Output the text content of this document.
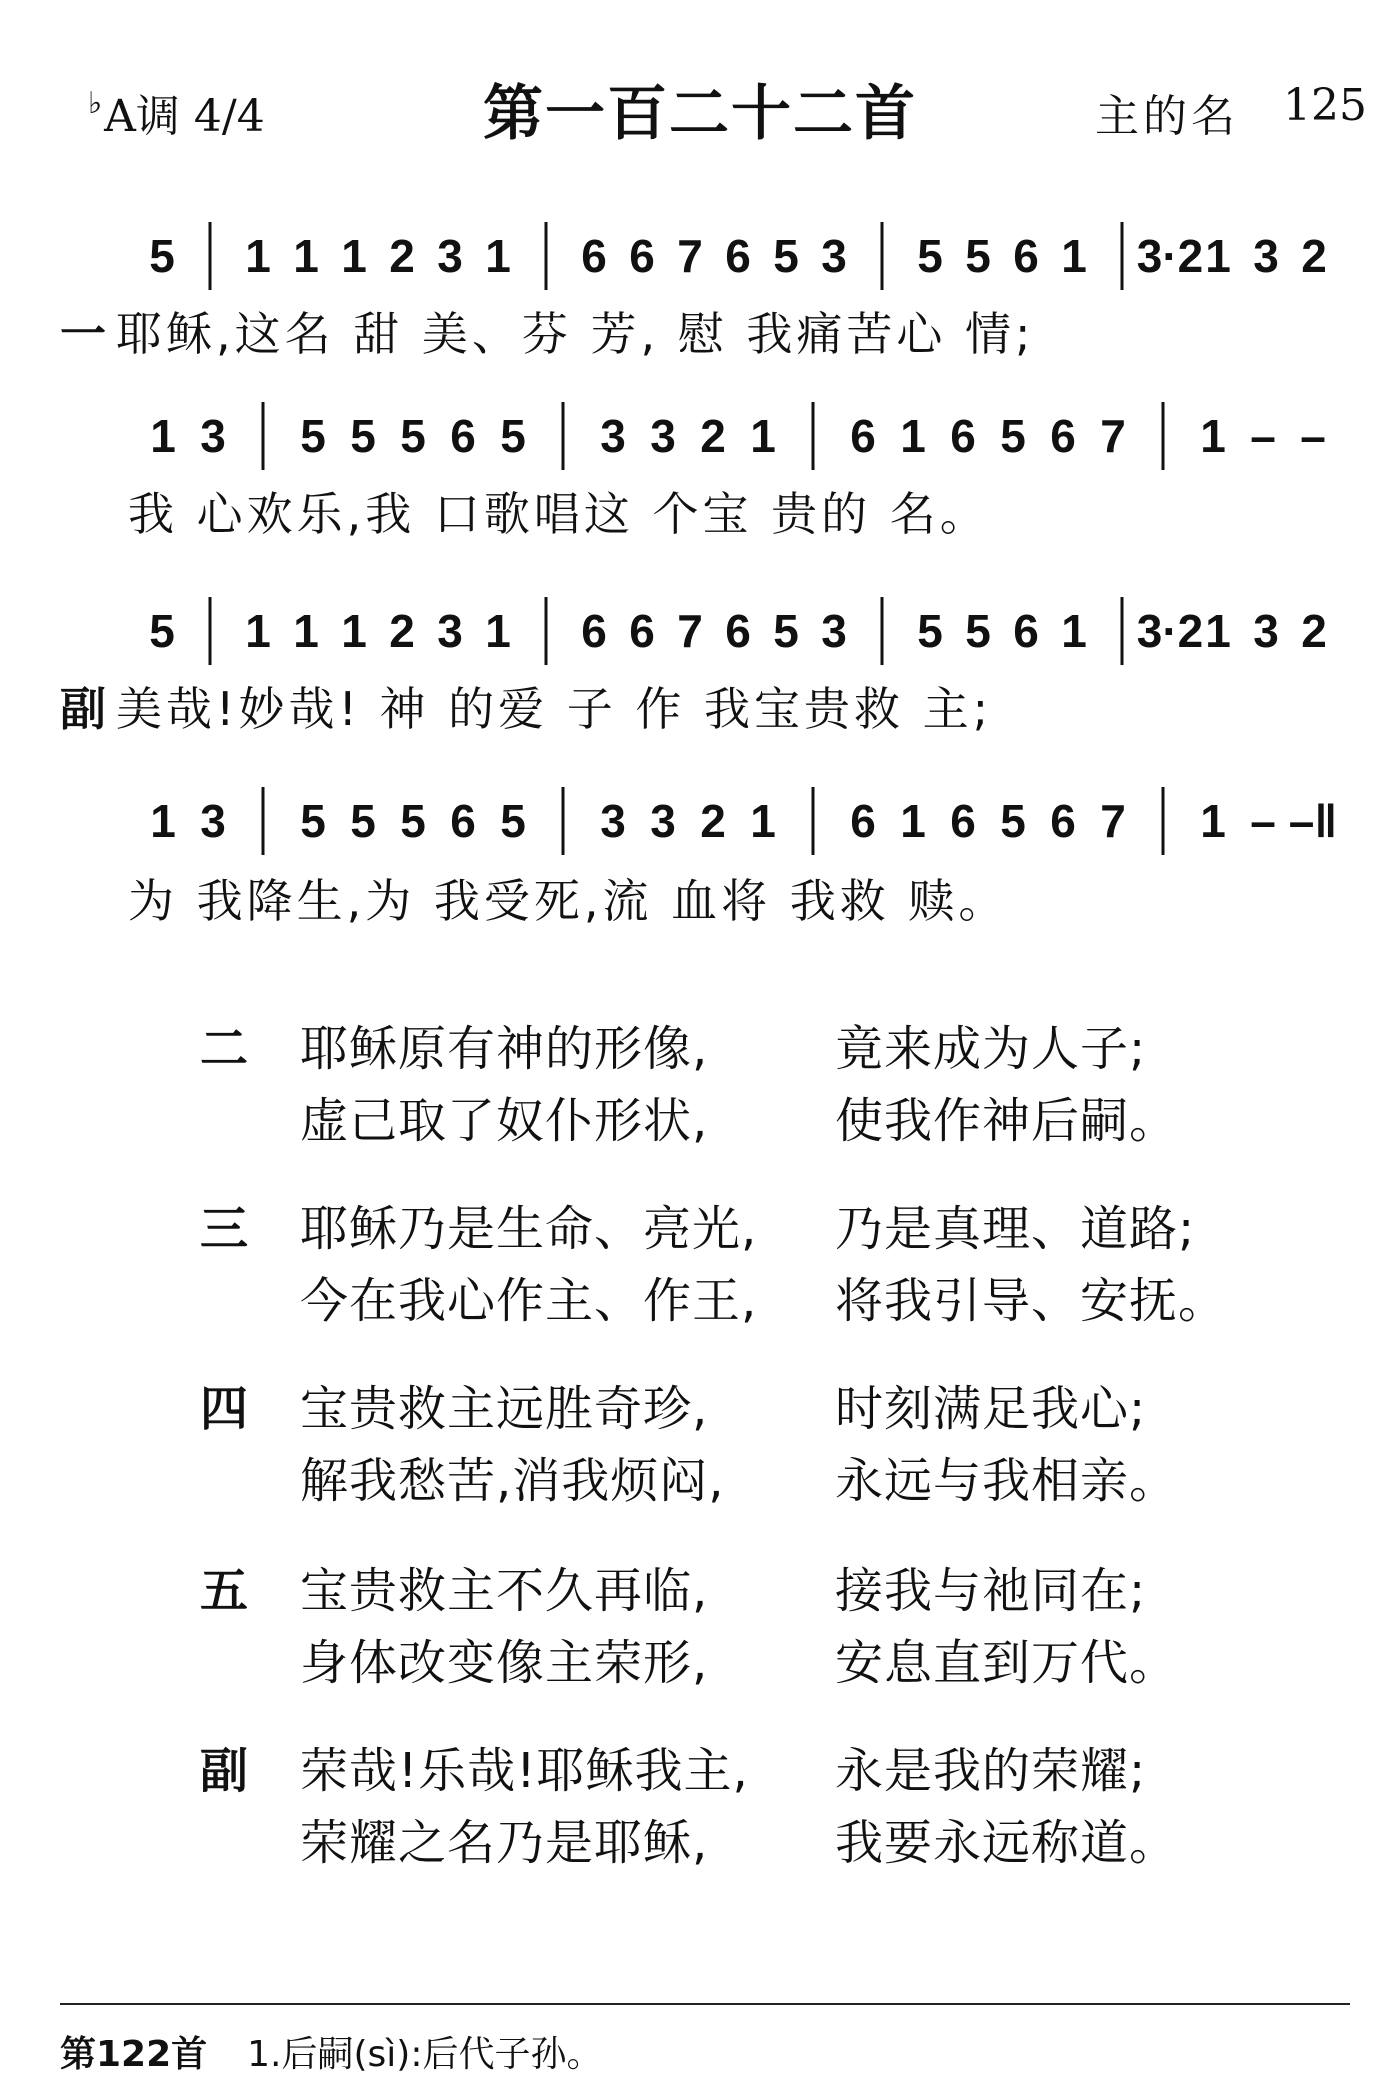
♭A调 4/4	第一百二十二首	主的名 125
5 1 1 1 2 3 1 6 6 7 6 5 3 5 5 6 1 3·2 1 3 2
一 耶稣,这名 甜 美、芬 芳, 慰 我痛苦心 情;
1 3 5 5 5 6 5 3 3 2 1 6 1 6 5 6 7 1 – –
我 心欢乐,我 口歌唱这 个宝 贵的 名。
5 1 1 1 2 3 1 6 6 7 6 5 3 5 5 6 1 3·2 1 3 2
副 美哉!妙哉! 神 的爱 子 作 我宝贵救 主;
1 3 5 5 5 6 5 3 3 2 1 6 1 6 5 6 7 1 – –‖
为 我降生,为 我受死,流 血将 我救 赎。
二 耶稣原有神的形像,	竟来成为人子;
虚己取了奴仆形状,	使我作神后嗣。
三 耶稣乃是生命、亮光, 乃是真理、道路;
今在我心作主、作王, 将我引导、安抚。
四 宝贵救主远胜奇珍,	时刻满足我心;
解我愁苦,消我烦闷, 永远与我相亲。
五 宝贵救主不久再临,	接我与祂同在;
身体改变像主荣形,	安息直到万代。
副 荣哉!乐哉!耶稣我主, 永是我的荣耀;
荣耀之名乃是耶稣,	我要永远称道。
第122首 1.后嗣(sì):后代子孙。
